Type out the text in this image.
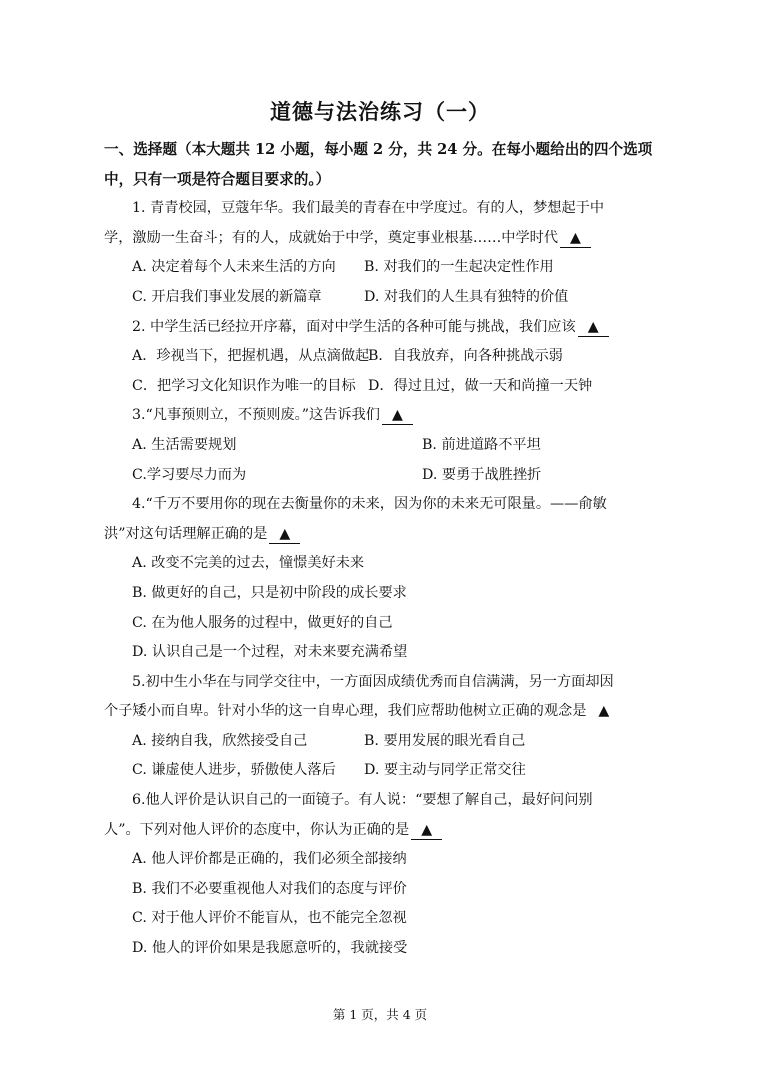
道德与法治练习（一）
一、选择题（本大题共 12 小题，每小题 2 分，共 24 分。在每小题给出的四个选项
中，只有一项是符合题目要求的。）
1. 青青校园，豆蔻年华。我们最美的青春在中学度过。有的人，梦想起于中
学，激励一生奋斗；有的人，成就始于中学，奠定事业根基……中学时代 ▲
A. 决定着每个人未来生活的方向 B. 对我们的一生起决定性作用
C. 开启我们事业发展的新篇章	D. 对我们的人生具有独特的价值
2. 中学生活已经拉开序幕，面对中学生活的各种可能与挑战，我们应该 ▲
A．珍视当下，把握机遇，从点滴做起B．自我放弃，向各种挑战示弱
C．把学习文化知识作为唯一的目标 D．得过且过，做一天和尚撞一天钟
3.“凡事预则立，不预则废。”这告诉我们 ▲
A. 生活需要规划	B. 前进道路不平坦
C.学习要尽力而为	D. 要勇于战胜挫折
4.“千万不要用你的现在去衡量你的未来，因为你的未来无可限量。——俞敏
洪”对这句话理解正确的是 ▲
A. 改变不完美的过去，憧憬美好未来
B. 做更好的自己，只是初中阶段的成长要求
C. 在为他人服务的过程中，做更好的自己
D. 认识自己是一个过程，对未来要充满希望
5.初中生小华在与同学交往中，一方面因成绩优秀而自信满满，另一方面却因
个子矮小而自卑。针对小华的这一自卑心理，我们应帮助他树立正确的观念是 ▲
A. 接纳自我，欣然接受自己	B. 要用发展的眼光看自己
C. 谦虚使人进步，骄傲使人落后 D. 要主动与同学正常交往
6.他人评价是认识自己的一面镜子。有人说：“要想了解自己，最好问问别
人”。下列对他人评价的态度中，你认为正确的是 ▲
A. 他人评价都是正确的，我们必须全部接纳
B. 我们不必要重视他人对我们的态度与评价
C. 对于他人评价不能盲从，也不能完全忽视
D. 他人的评价如果是我愿意听的，我就接受
第 1 页，共 4 页
